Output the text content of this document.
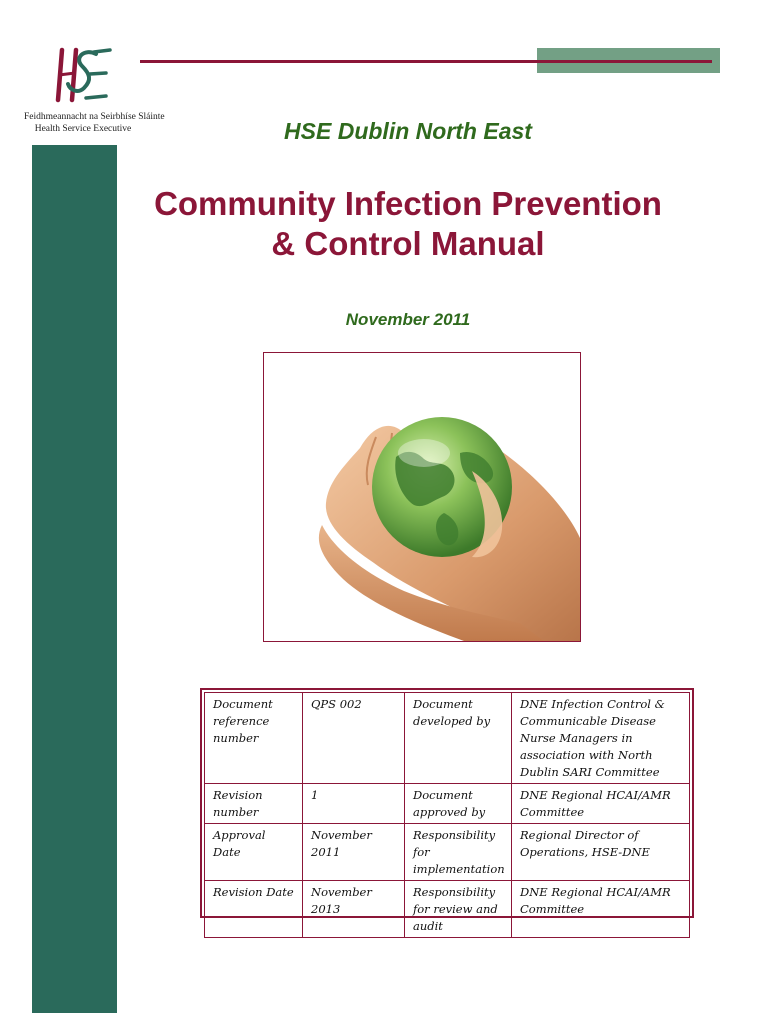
Feidhmeannacht na Seirbhíse Sláinte
Health Service Executive	HSE Dublin North East
Community Infection Prevention
& Control Manual
November 2011
Document reference number	QPS 002	Document developed by	DNE Infection Control & Communicable Disease Nurse Managers in association with North Dublin SARI Committee
Revision number	1	Document approved by	DNE Regional HCAI/AMR Committee
Approval Date	November 2011	Responsibility for implementation	Regional Director of Operations, HSE-DNE
Revision Date	November 2013	Responsibility for review and audit	DNE Regional HCAI/AMR Committee
